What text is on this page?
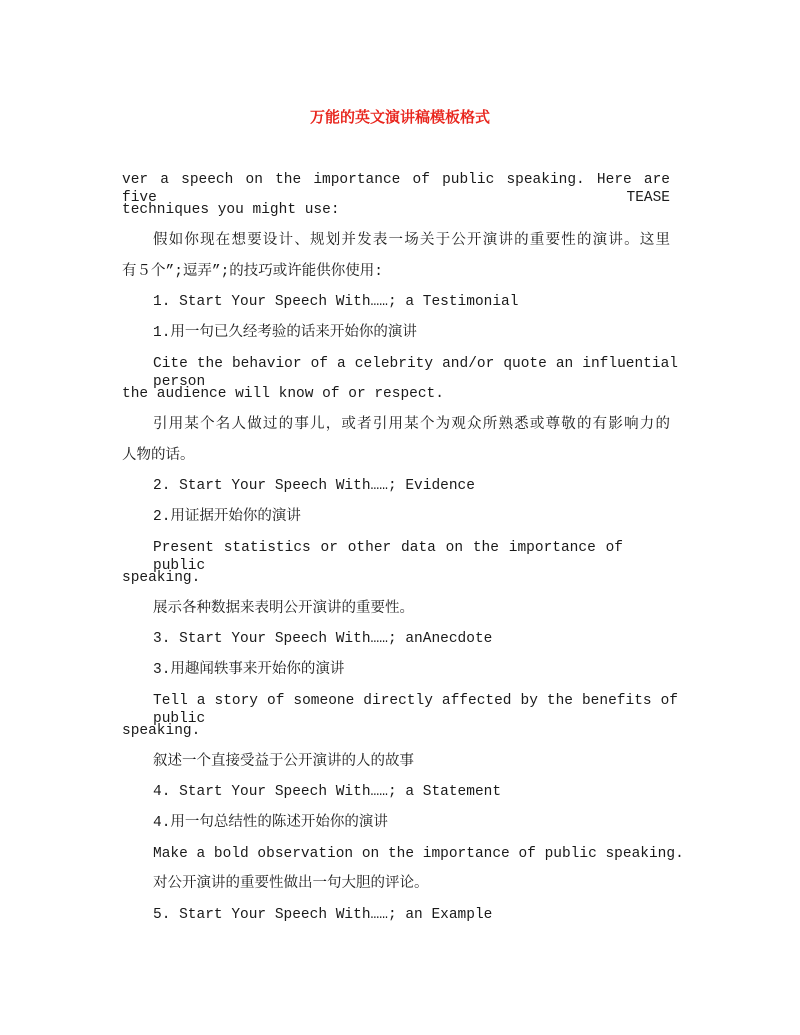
万能的英文演讲稿模板格式
ver a speech on the importance of public speaking. Here are five TEASE
techniques you might use:
假如你现在想要设计、规划并发表一场关于公开演讲的重要性的演讲。这里
有５个”;逗弄”;的技巧或许能供你使用:
1. Start Your Speech With……; a Testimonial
1.用一句已久经考验的话来开始你的演讲
Cite the behavior of a celebrity and/or quote an influential person
the audience will know of or respect.
引用某个名人做过的事儿，或者引用某个为观众所熟悉或尊敬的有影响力的
人物的话。
2. Start Your Speech With……; Evidence
2.用证据开始你的演讲
Present statistics or other data on the importance of public
speaking.
展示各种数据来表明公开演讲的重要性。
3. Start Your Speech With……; anAnecdote
3.用趣闻轶事来开始你的演讲
Tell a story of someone directly affected by the benefits of public
speaking.
叙述一个直接受益于公开演讲的人的故事
4. Start Your Speech With……; a Statement
4.用一句总结性的陈述开始你的演讲
Make a bold observation on the importance of public speaking.
对公开演讲的重要性做出一句大胆的评论。
5. Start Your Speech With……; an Example
